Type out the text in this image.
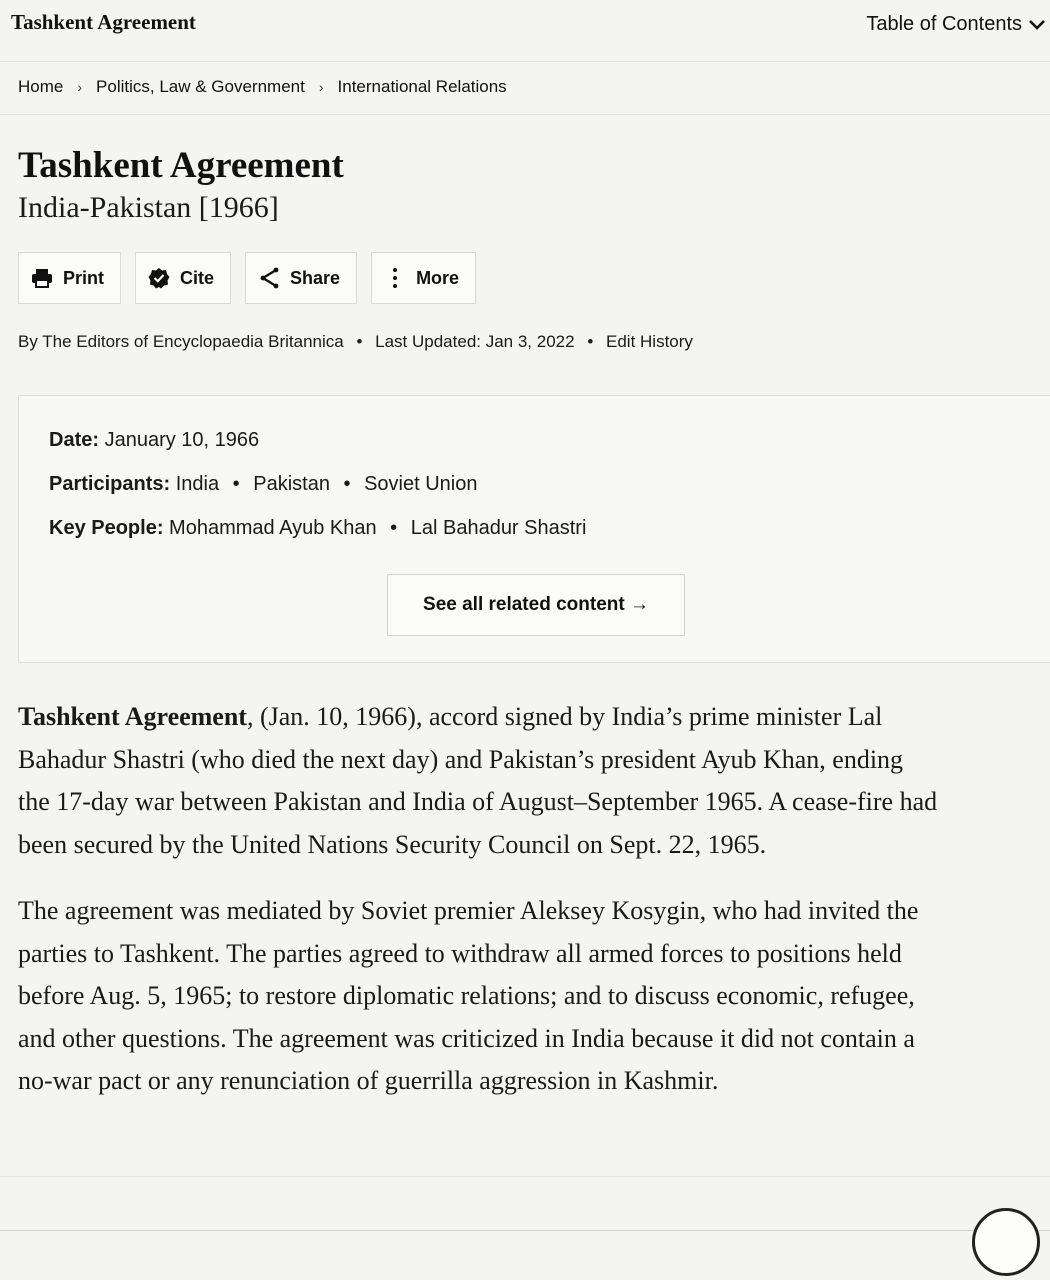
Tashkent Agreement	Table of Contents
Home › Politics, Law & Government › International Relations
Tashkent Agreement
India-Pakistan [1966]
Print	Cite	Share	More
By The Editors of Encyclopaedia Britannica • Last Updated: Jan 3, 2022 • Edit History
Date: January 10, 1966
Participants: India • Pakistan • Soviet Union
Key People: Mohammad Ayub Khan • Lal Bahadur Shastri
See all related content →
Tashkent Agreement, (Jan. 10, 1966), accord signed by India’s prime minister Lal
Bahadur Shastri (who died the next day) and Pakistan’s president Ayub Khan, ending
the 17-day war between Pakistan and India of August–September 1965. A cease-fire had
been secured by the United Nations Security Council on Sept. 22, 1965.
The agreement was mediated by Soviet premier Aleksey Kosygin, who had invited the
parties to Tashkent. The parties agreed to withdraw all armed forces to positions held
before Aug. 5, 1965; to restore diplomatic relations; and to discuss economic, refugee,
and other questions. The agreement was criticized in India because it did not contain a
no-war pact or any renunciation of guerrilla aggression in Kashmir.
